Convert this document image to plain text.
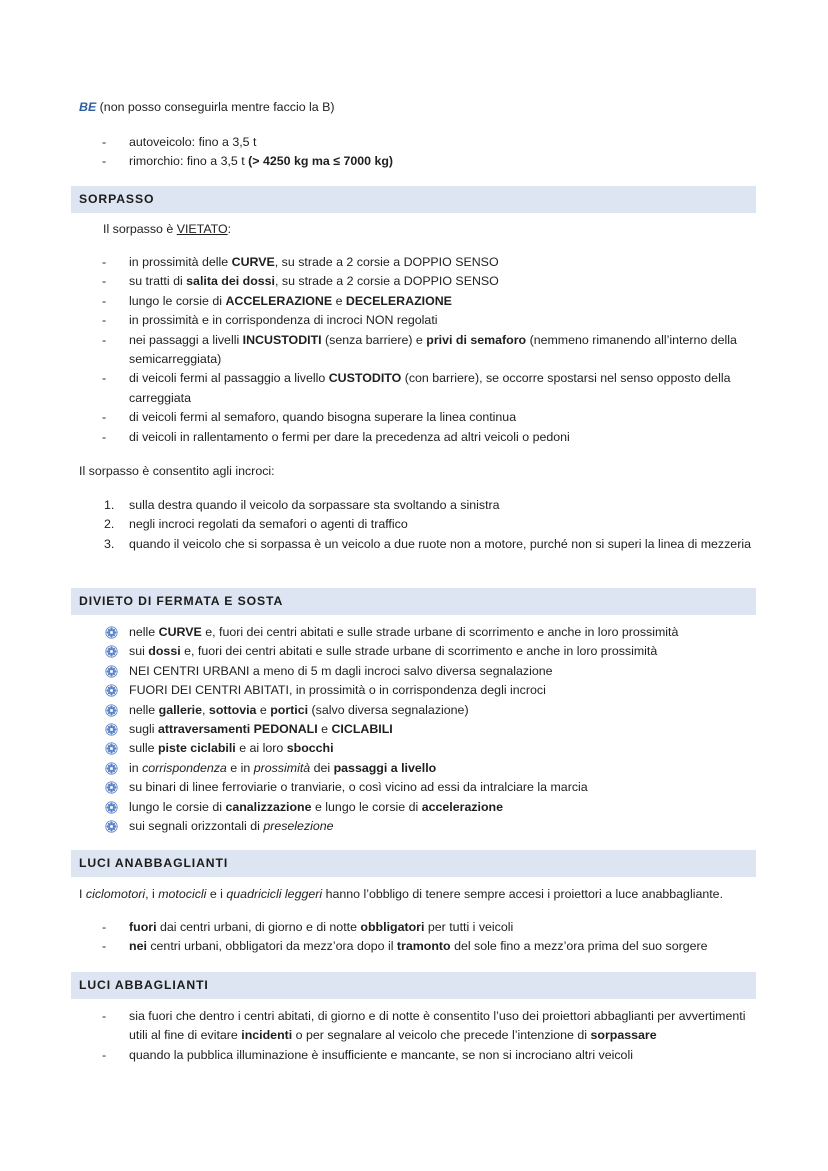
BE (non posso conseguirla mentre faccio la B)
- autoveicolo: fino a 3,5 t
- rimorchio: fino a 3,5 t (> 4250 kg ma ≤ 7000 kg)
SORPASSO
Il sorpasso è VIETATO:
- in prossimità delle CURVE, su strade a 2 corsie a DOPPIO SENSO
- su tratti di salita dei dossi, su strade a 2 corsie a DOPPIO SENSO
- lungo le corsie di ACCELERAZIONE e DECELERAZIONE
- in prossimità e in corrispondenza di incroci NON regolati
- nei passaggi a livelli INCUSTODITI (senza barriere) e privi di semaforo (nemmeno rimanendo all’interno della semicarreggiata)
- di veicoli fermi al passaggio a livello CUSTODITO (con barriere), se occorre spostarsi nel senso opposto della carreggiata
- di veicoli fermi al semaforo, quando bisogna superare la linea continua
- di veicoli in rallentamento o fermi per dare la precedenza ad altri veicoli o pedoni
Il sorpasso è consentito agli incroci:
1. sulla destra quando il veicolo da sorpassare sta svoltando a sinistra
2. negli incroci regolati da semafori o agenti di traffico
3. quando il veicolo che si sorpassa è un veicolo a due ruote non a motore, purché non si superi la linea di mezzeria
DIVIETO DI FERMATA E SOSTA
nelle CURVE e, fuori dei centri abitati e sulle strade urbane di scorrimento e anche in loro prossimità
sui dossi e, fuori dei centri abitati e sulle strade urbane di scorrimento e anche in loro prossimità
NEI CENTRI URBANI a meno di 5 m dagli incroci salvo diversa segnalazione
FUORI DEI CENTRI ABITATI, in prossimità o in corrispondenza degli incroci
nelle gallerie, sottovia e portici (salvo diversa segnalazione)
sugli attraversamenti PEDONALI e CICLABILI
sulle piste ciclabili e ai loro sbocchi
in corrispondenza e in prossimità dei passaggi a livello
su binari di linee ferroviarie o tranviarie, o così vicino ad essi da intralciare la marcia
lungo le corsie di canalizzazione e lungo le corsie di accelerazione
sui segnali orizzontali di preselezione
LUCI ANABBAGLIANTI
I ciclomotori, i motocicli e i quadricicli leggeri hanno l’obbligo di tenere sempre accesi i proiettori a luce anabbagliante.
- fuori dai centri urbani, di giorno e di notte obbligatori per tutti i veicoli
- nei centri urbani, obbligatori da mezz’ora dopo il tramonto del sole fino a mezz’ora prima del suo sorgere
LUCI ABBAGLIANTI
- sia fuori che dentro i centri abitati, di giorno e di notte è consentito l’uso dei proiettori abbaglianti per avvertimenti utili al fine di evitare incidenti o per segnalare al veicolo che precede l’intenzione di sorpassare
- quando la pubblica illuminazione è insufficiente e mancante, se non si incrociano altri veicoli
